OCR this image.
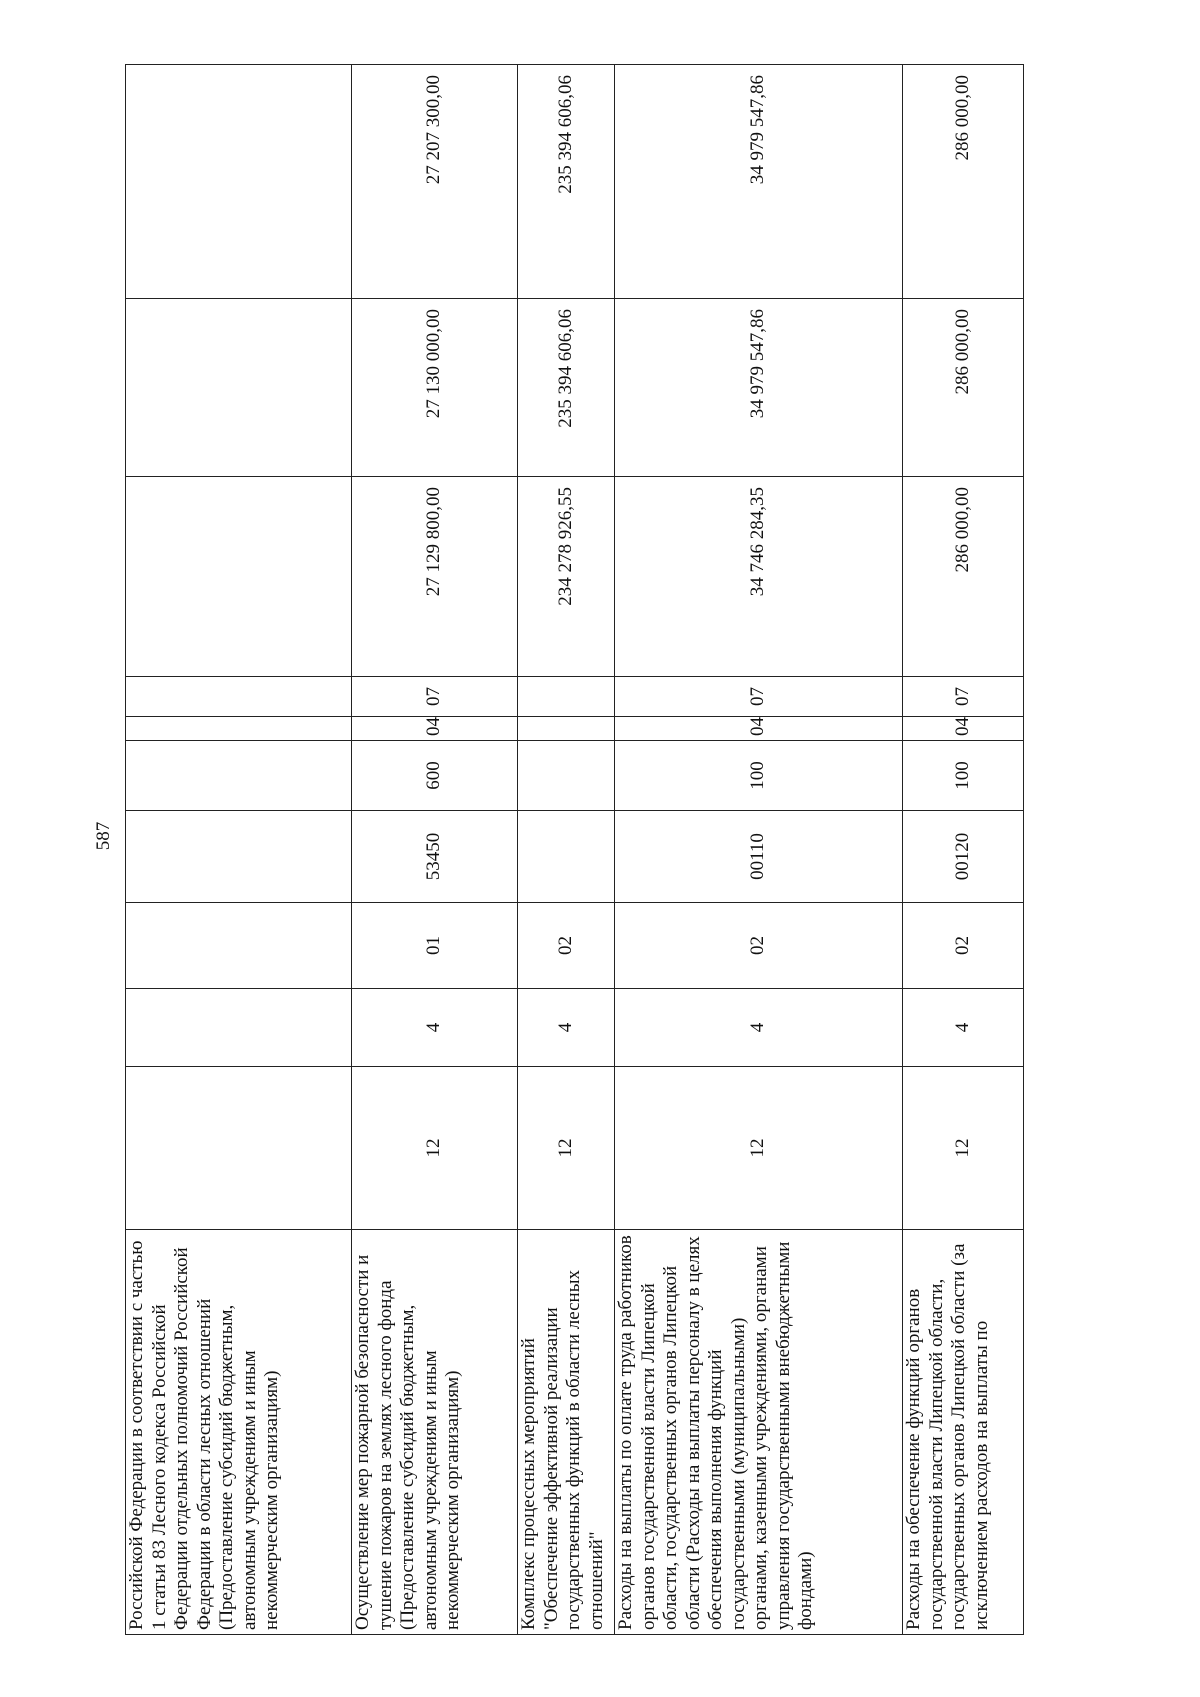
587
Российской Федерации в соответствии с частью 1 статьи 83 Лесного кодекса Российской Федерации отдельных полномочий Российской Федерации в области лесных отношений (Предоставление субсидий бюджетным, автономным учреждениям и иным некоммерческим организациям)										
Осуществление мер пожарной безопасности и тушение пожаров на землях лесного фонда (Предоставление субсидий бюджетным, автономным учреждениям и иным некоммерческим организациям)	12	4	01	53450	600	04	07	27 129 800,00	27 130 000,00	27 207 300,00
Комплекс процессных мероприятий "Обеспечение эффективной реализации государственных функций в области лесных отношений"	12	4	02					234 278 926,55	235 394 606,06	235 394 606,06
Расходы на выплаты по оплате труда работников органов государственной власти Липецкой области, государственных органов Липецкой области (Расходы на выплаты персоналу в целях обеспечения выполнения функций государственными (муниципальными) органами, казенными учреждениями, органами управления государственными внебюджетными фондами)	12	4	02	00110	100	04	07	34 746 284,35	34 979 547,86	34 979 547,86
Расходы на обеспечение функций органов государственной власти Липецкой области, государственных органов Липецкой области (за исключением расходов на выплаты по	12	4	02	00120	100	04	07	286 000,00	286 000,00	286 000,00
